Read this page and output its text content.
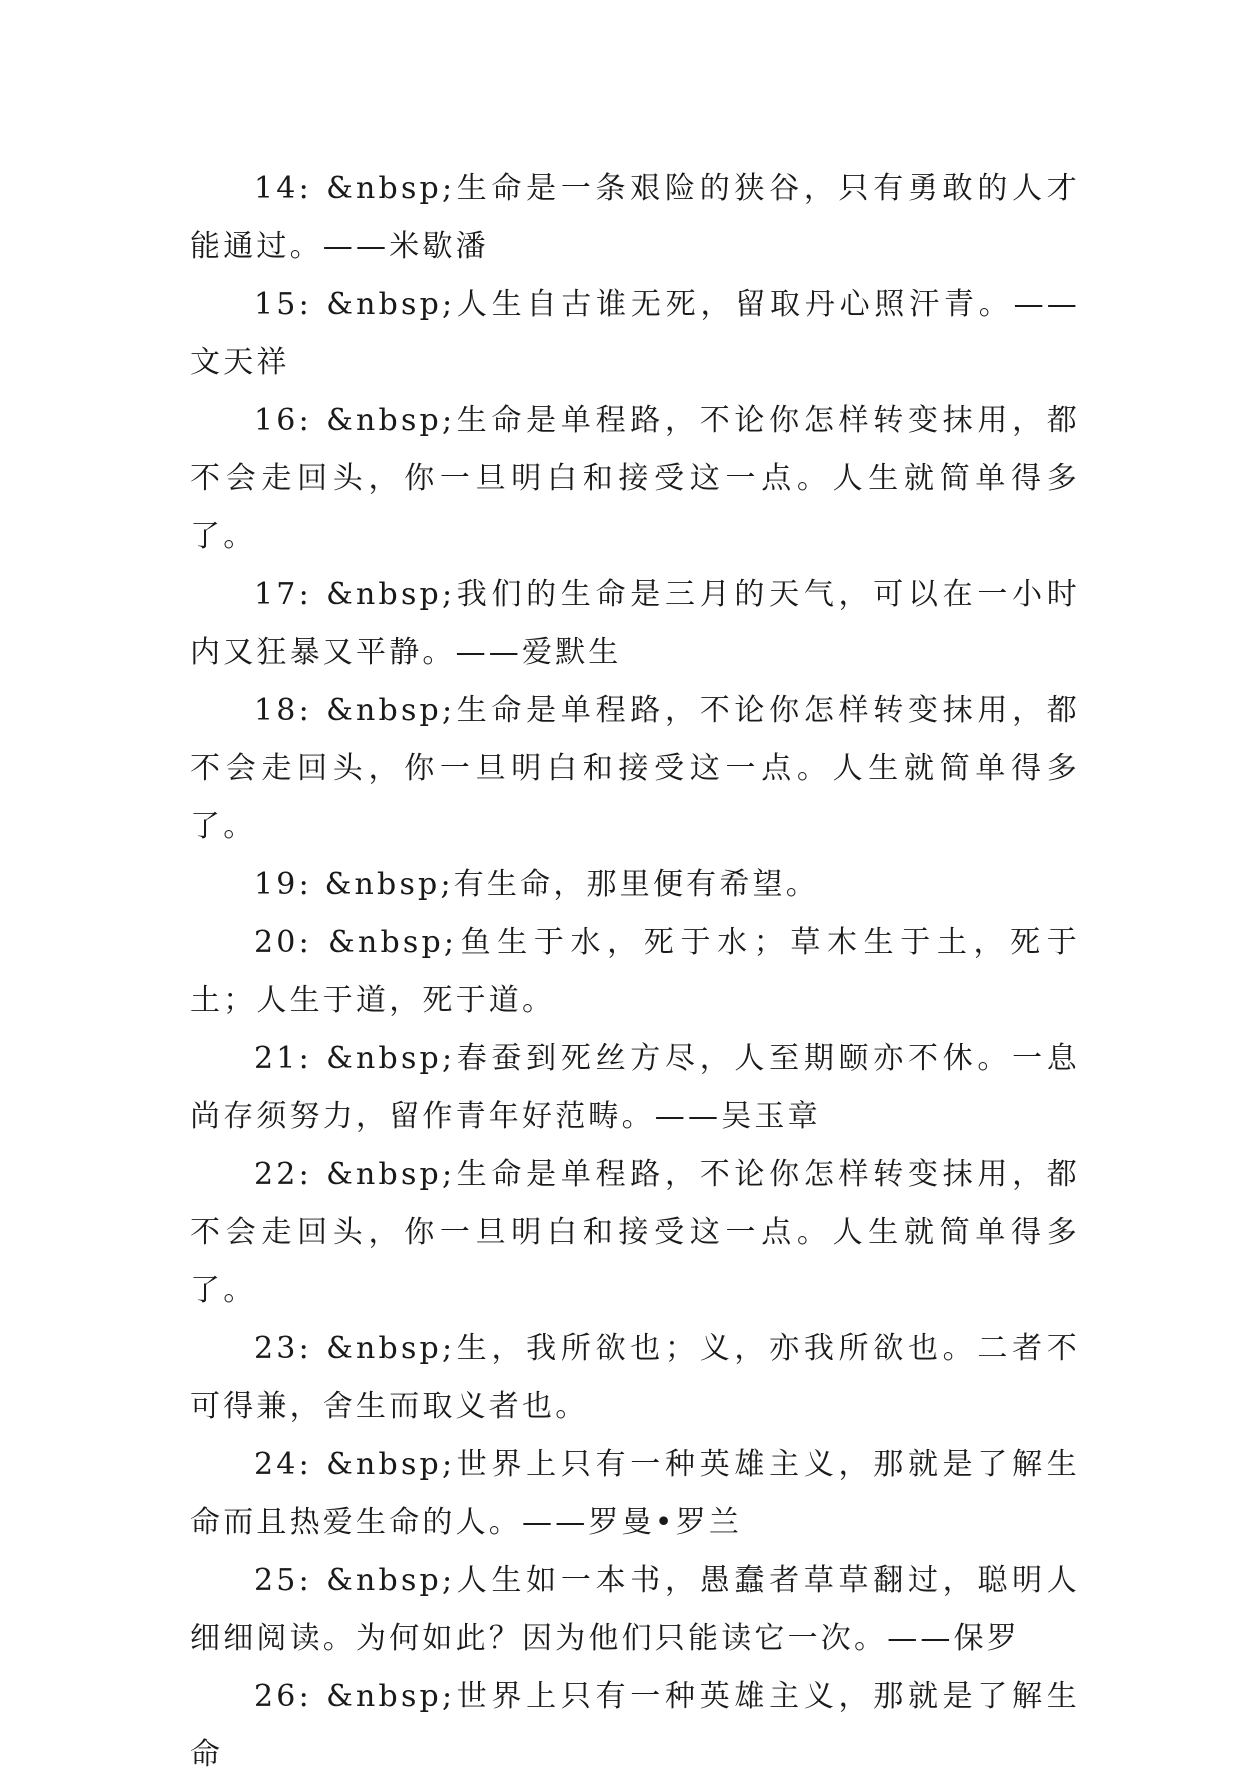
14: &nbsp;生命是一条艰险的狭谷，只有勇敢的人才能通过。——米歇潘

15: &nbsp;人生自古谁无死，留取丹心照汗青。——文天祥

16: &nbsp;生命是单程路，不论你怎样转变抹用，都不会走回头，你一旦明白和接受这一点。人生就简单得多了。

17: &nbsp;我们的生命是三月的天气，可以在一小时内又狂暴又平静。——爱默生

18: &nbsp;生命是单程路，不论你怎样转变抹用，都不会走回头，你一旦明白和接受这一点。人生就简单得多了。

19: &nbsp;有生命，那里便有希望。

20: &nbsp;鱼生于水，死于水；草木生于土，死于土；人生于道，死于道。

21: &nbsp;春蚕到死丝方尽，人至期颐亦不休。一息尚存须努力，留作青年好范畴。——吴玉章

22: &nbsp;生命是单程路，不论你怎样转变抹用，都不会走回头，你一旦明白和接受这一点。人生就简单得多了。

23: &nbsp;生，我所欲也；义，亦我所欲也。二者不可得兼，舍生而取义者也。

24: &nbsp;世界上只有一种英雄主义，那就是了解生命而且热爱生命的人。——罗曼•罗兰

25: &nbsp;人生如一本书，愚蠢者草草翻过，聪明人细细阅读。为何如此？因为他们只能读它一次。——保罗

26: &nbsp;世界上只有一种英雄主义，那就是了解生命
